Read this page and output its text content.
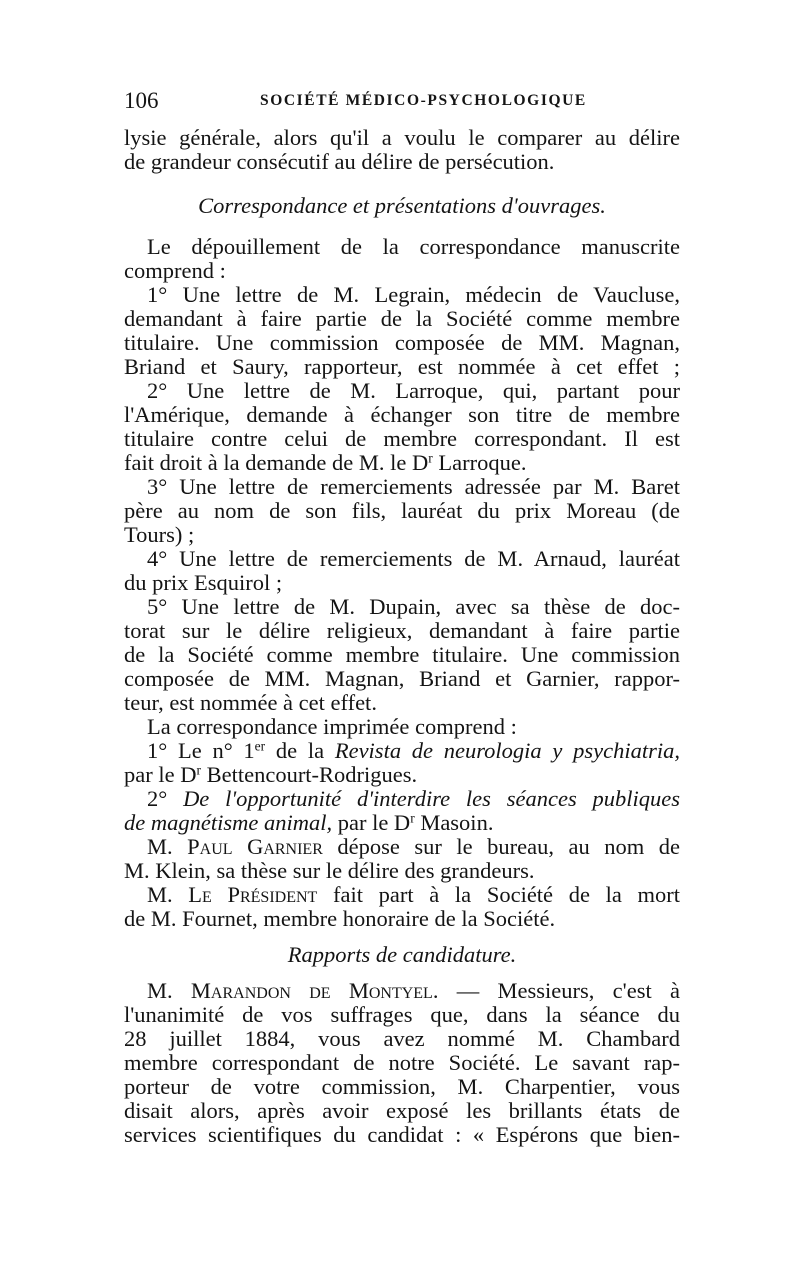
106	SOCIÉTÉ MÉDICO-PSYCHOLOGIQUE
lysie générale, alors qu'il a voulu le comparer au délire
de grandeur consécutif au délire de persécution.
Correspondance et présentations d'ouvrages.
Le dépouillement de la correspondance manuscrite
comprend :
1° Une lettre de M. Legrain, médecin de Vaucluse,
demandant à faire partie de la Société comme membre
titulaire. Une commission composée de MM. Magnan,
Briand et Saury, rapporteur, est nommée à cet effet ;
2° Une lettre de M. Larroque, qui, partant pour
l'Amérique, demande à échanger son titre de membre
titulaire contre celui de membre correspondant. Il est
fait droit à la demande de M. le $D^r$ Larroque.
3° Une lettre de remerciements adressée par M. Baret
père au nom de son fils, lauréat du prix Moreau (de
Tours) ;
4° Une lettre de remerciements de M. Arnaud, lauréat
du prix Esquirol ;
5° Une lettre de M. Dupain, avec sa thèse de doc-
torat sur le délire religieux, demandant à faire partie
de la Société comme membre titulaire. Une commission
composée de MM. Magnan, Briand et Garnier, rappor-
teur, est nommée à cet effet.
La correspondance imprimée comprend :
1° Le n° 1er de la Revista de neurologia y psychiatria,
par le $D^r$ Bettencourt-Rodrigues.
2° De l'opportunité d'interdire les séances publiques
de magnétisme animal, par le $D^r$ Masoin.
M. Paul Garnier dépose sur le bureau, au nom de
M. Klein, sa thèse sur le délire des grandeurs.
M. Le Président fait part à la Société de la mort
de M. Fournet, membre honoraire de la Société.
Rapports de candidature.
M. Marandon de Montyel. — Messieurs, c'est à
l'unanimité de vos suffrages que, dans la séance du
28 juillet 1884, vous avez nommé M. Chambard
membre correspondant de notre Société. Le savant rap-
porteur de votre commission, M. Charpentier, vous
disait alors, après avoir exposé les brillants états de
services scientifiques du candidat : « Espérons que bien-
